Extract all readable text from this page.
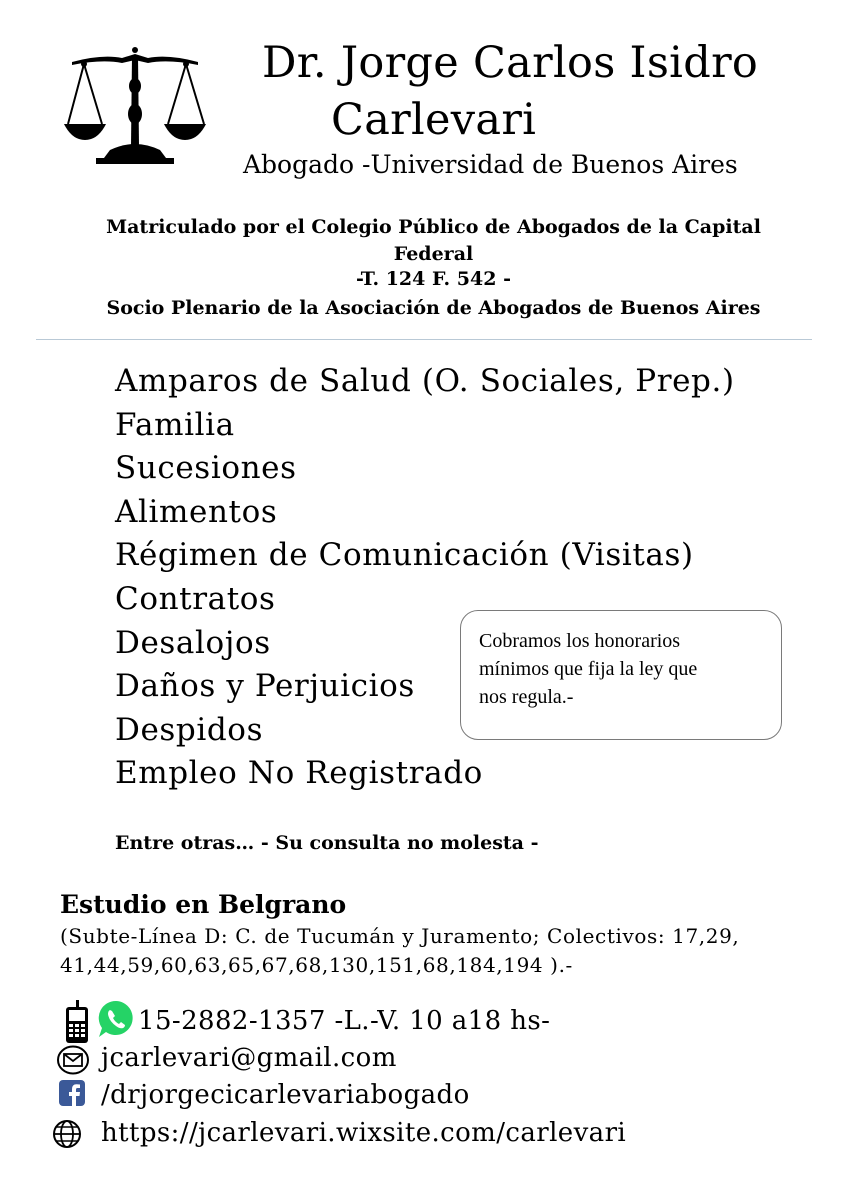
Dr. Jorge Carlos Isidro
Carlevari
Abogado -Universidad de Buenos Aires
Matriculado por el Colegio Público de Abogados de la Capital
Federal
-T. 124 F. 542 -
Socio Plenario de la Asociación de Abogados de Buenos Aires
Amparos de Salud (O. Sociales, Prep.)
Familia
Sucesiones
Alimentos
Régimen de Comunicación (Visitas)
Contratos
Desalojos
Daños y Perjuicios
Despidos
Empleo No Registrado
Cobramos los honorarios
mínimos que fija la ley que
nos regula.-
Entre otras… - Su consulta no molesta -
Estudio en Belgrano
(Subte-Línea D: C. de Tucumán y Juramento; Colectivos: 17,29,
41,44,59,60,63,65,67,68,130,151,68,184,194 ).-
15-2882-1357 -L.-V. 10 a18 hs-
jcarlevari@gmail.com
/drjorgecicarlevariabogado
https://jcarlevari.wixsite.com/carlevari
